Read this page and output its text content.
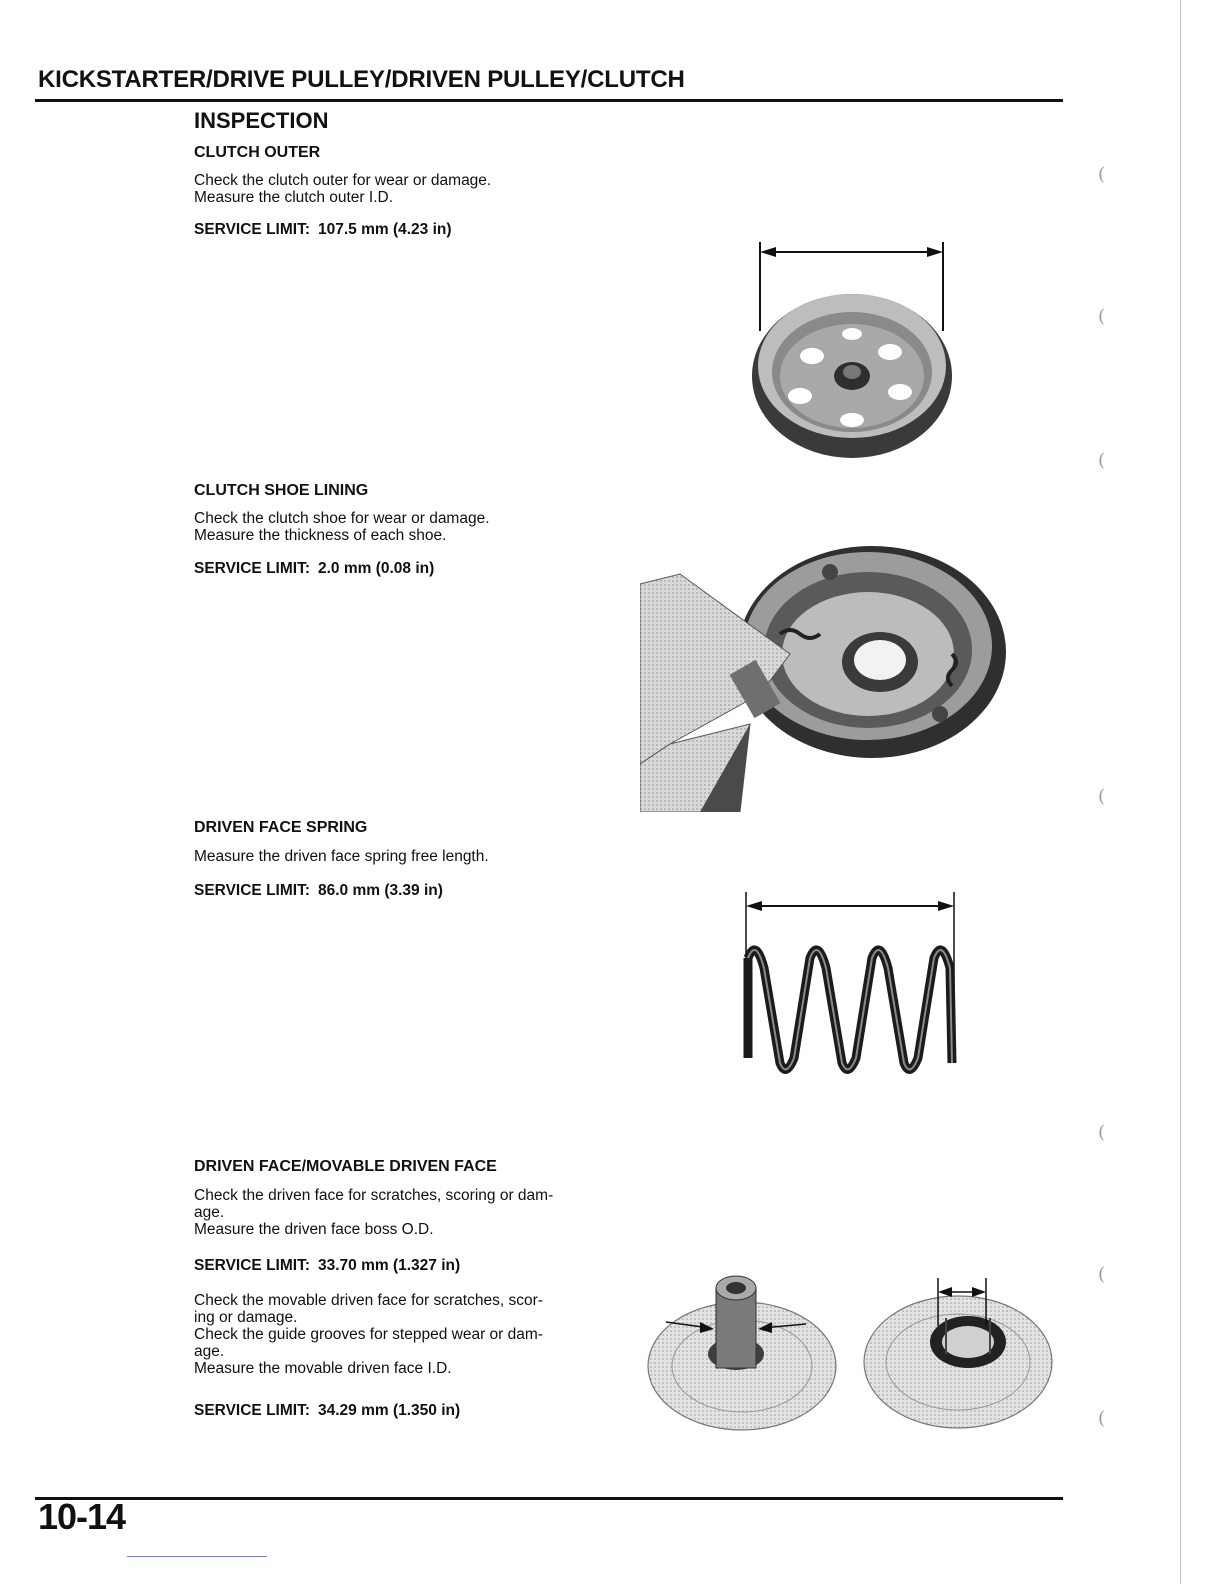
KICKSTARTER/DRIVE PULLEY/DRIVEN PULLEY/CLUTCH
(
(
(
(
(
(
(
INSPECTION
CLUTCH OUTER
Check the clutch outer for wear or damage.
Measure the clutch outer I.D.
SERVICE LIMIT: 107.5 mm (4.23 in)
CLUTCH SHOE LINING
Check the clutch shoe for wear or damage.
Measure the thickness of each shoe.
SERVICE LIMIT: 2.0 mm (0.08 in)
DRIVEN FACE SPRING
Measure the driven face spring free length.
SERVICE LIMIT: 86.0 mm (3.39 in)
DRIVEN FACE/MOVABLE DRIVEN FACE
Check the driven face for scratches, scoring or dam-
age.
Measure the driven face boss O.D.
SERVICE LIMIT: 33.70 mm (1.327 in)
Check the movable driven face for scratches, scor-
ing or damage.
Check the guide grooves for stepped wear or dam-
age.
Measure the movable driven face I.D.
SERVICE LIMIT: 34.29 mm (1.350 in)
10-14
